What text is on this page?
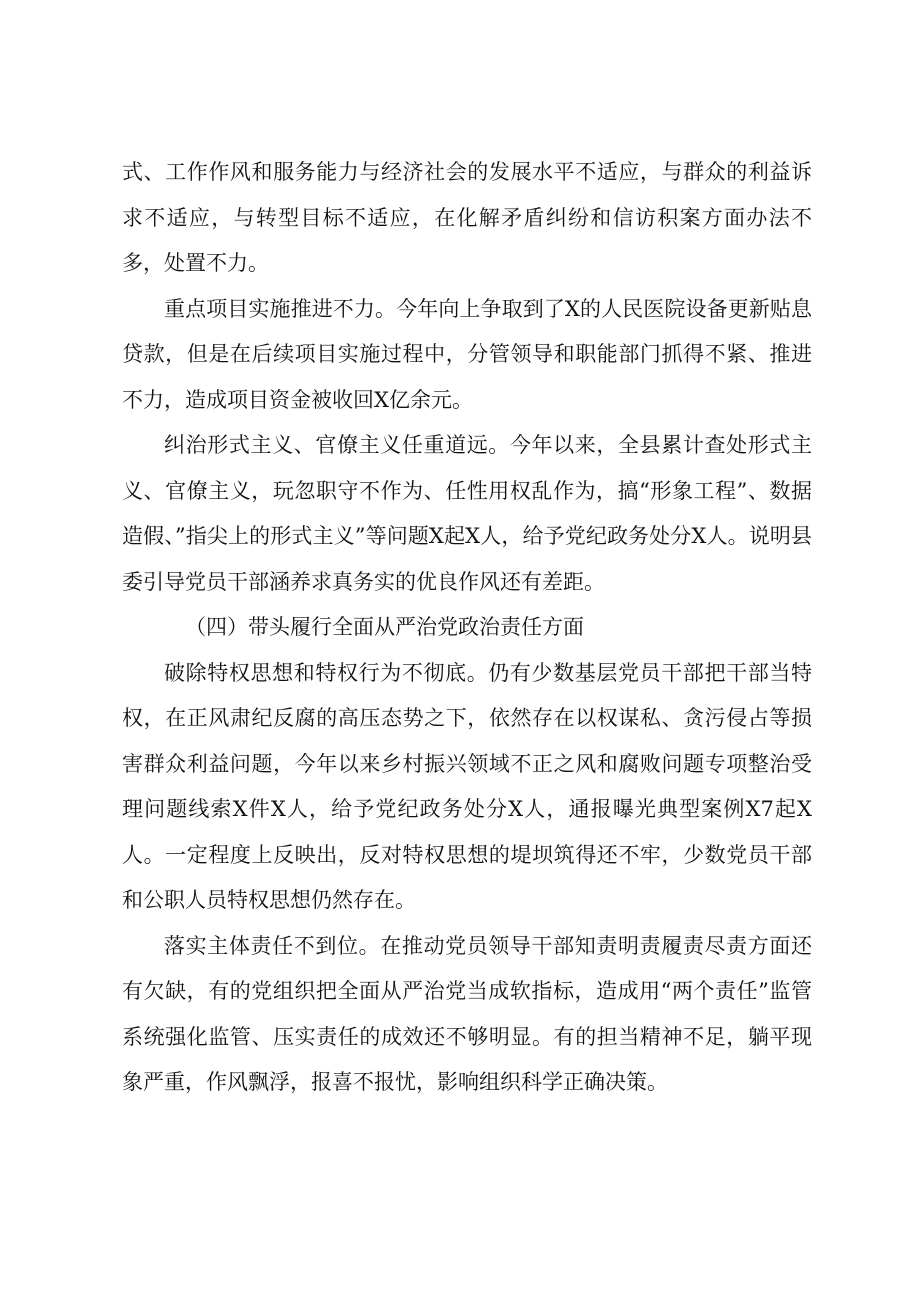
式、工作作风和服务能力与经济社会的发展水平不适应，与群众的利益诉求不适应，与转型目标不适应，在化解矛盾纠纷和信访积案方面办法不多，处置不力。

重点项目实施推进不力。今年向上争取到了X的人民医院设备更新贴息贷款，但是在后续项目实施过程中，分管领导和职能部门抓得不紧、推进不力，造成项目资金被收回X亿余元。

纠治形式主义、官僚主义任重道远。今年以来，全县累计查处形式主义、官僚主义，玩忽职守不作为、任性用权乱作为，搞“形象工程”、数据造假、”指尖上的形式主义”等问题X起X人，给予党纪政务处分X人。说明县委引导党员干部涵养求真务实的优良作风还有差距。

（四）带头履行全面从严治党政治责任方面

破除特权思想和特权行为不彻底。仍有少数基层党员干部把干部当特权，在正风肃纪反腐的高压态势之下，依然存在以权谋私、贪污侵占等损害群众利益问题，今年以来乡村振兴领域不正之风和腐败问题专项整治受理问题线索X件X人，给予党纪政务处分X人，通报曝光典型案例X7起X人。一定程度上反映出，反对特权思想的堤坝筑得还不牢，少数党员干部和公职人员特权思想仍然存在。

落实主体责任不到位。在推动党员领导干部知责明责履责尽责方面还有欠缺，有的党组织把全面从严治党当成软指标，造成用“两个责任”监管系统强化监管、压实责任的成效还不够明显。有的担当精神不足，躺平现象严重，作风飘浮，报喜不报忧，影响组织科学正确决策。
